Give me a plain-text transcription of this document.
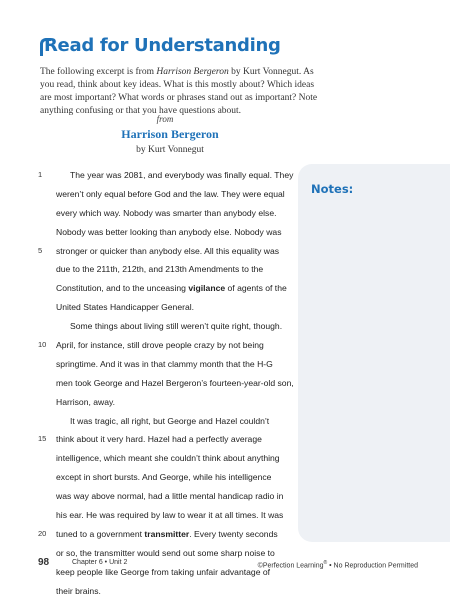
Read for Understanding
The following excerpt is from Harrison Bergeron by Kurt Vonnegut. As you read, think about key ideas. What is this mostly about? Which ideas are most important? What words or phrases stand out as important? Note anything confusing or that you have questions about.
from
Harrison Bergeron
by Kurt Vonnegut
1	The year was 2081, and everybody was finally equal. They
weren’t only equal before God and the law. They were equal
every which way. Nobody was smarter than anybody else.
Nobody was better looking than anybody else. Nobody was
5	stronger or quicker than anybody else. All this equality was
due to the 211th, 212th, and 213th Amendments to the
Constitution, and to the unceasing vigilance of agents of the
United States Handicapper General.
Some things about living still weren’t quite right, though.
10	April, for instance, still drove people crazy by not being
springtime. And it was in that clammy month that the H-G
men took George and Hazel Bergeron’s fourteen-year-old son,
Harrison, away.
It was tragic, all right, but George and Hazel couldn’t
15	think about it very hard. Hazel had a perfectly average
intelligence, which meant she couldn’t think about anything
except in short bursts. And George, while his intelligence
was way above normal, had a little mental handicap radio in
his ear. He was required by law to wear it at all times. It was
20	tuned to a government transmitter. Every twenty seconds
or so, the transmitter would send out some sharp noise to
keep people like George from taking unfair advantage of
their brains.
Notes:
98	Chapter 6 • Unit 2	©Perfection Learning® • No Reproduction Permitted
